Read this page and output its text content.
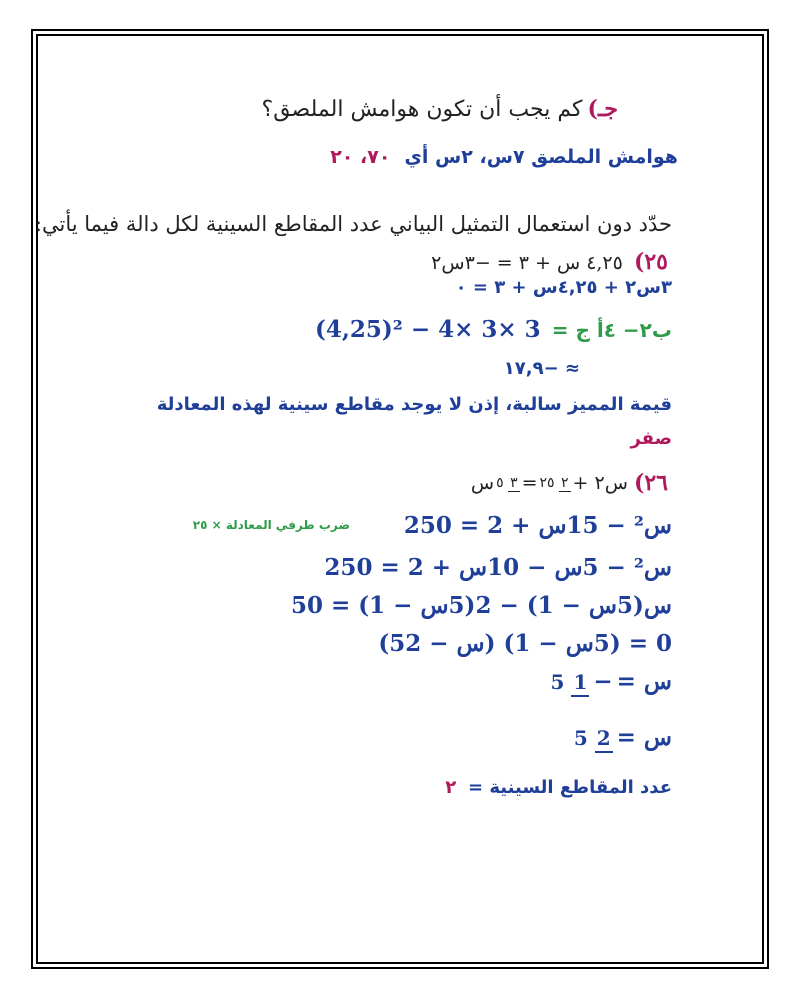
جـ) كم يجب أن تكون هوامش الملصق؟
هوامش الملصق ٧س، ٢س أي ٧٠، ٢٠
حدّد دون استعمال التمثيل البياني عدد المقاطع السينية لكل دالة فيما يأتي:
٢٥) ٤,٢٥ س + ٣ = −٣س٢
٣س٢ + ٤,٢٥س + ٣ = ٠
ب٢− ٤أ ج = (4,25)² − 4× 3× 3
≈ −١٧,٩
قيمة المميز سالبة، إذن لا يوجد مقاطع سينية لهذه المعادلة
صفر
٢٦)
س٢ +
٢ ٢٥
=
٣ ٥
س
ضرب طرفي المعادلة × ٢٥	25س² − 15س + 2 = 0
25س² − 5س − 10س + 2 = 0
5س(5س − 1) − 2(5س − 1) = 0
(5س − 2) (5س − 1) = 0
س =
−
1 5
س =
2 5
عدد المقاطع السينية = ٢
